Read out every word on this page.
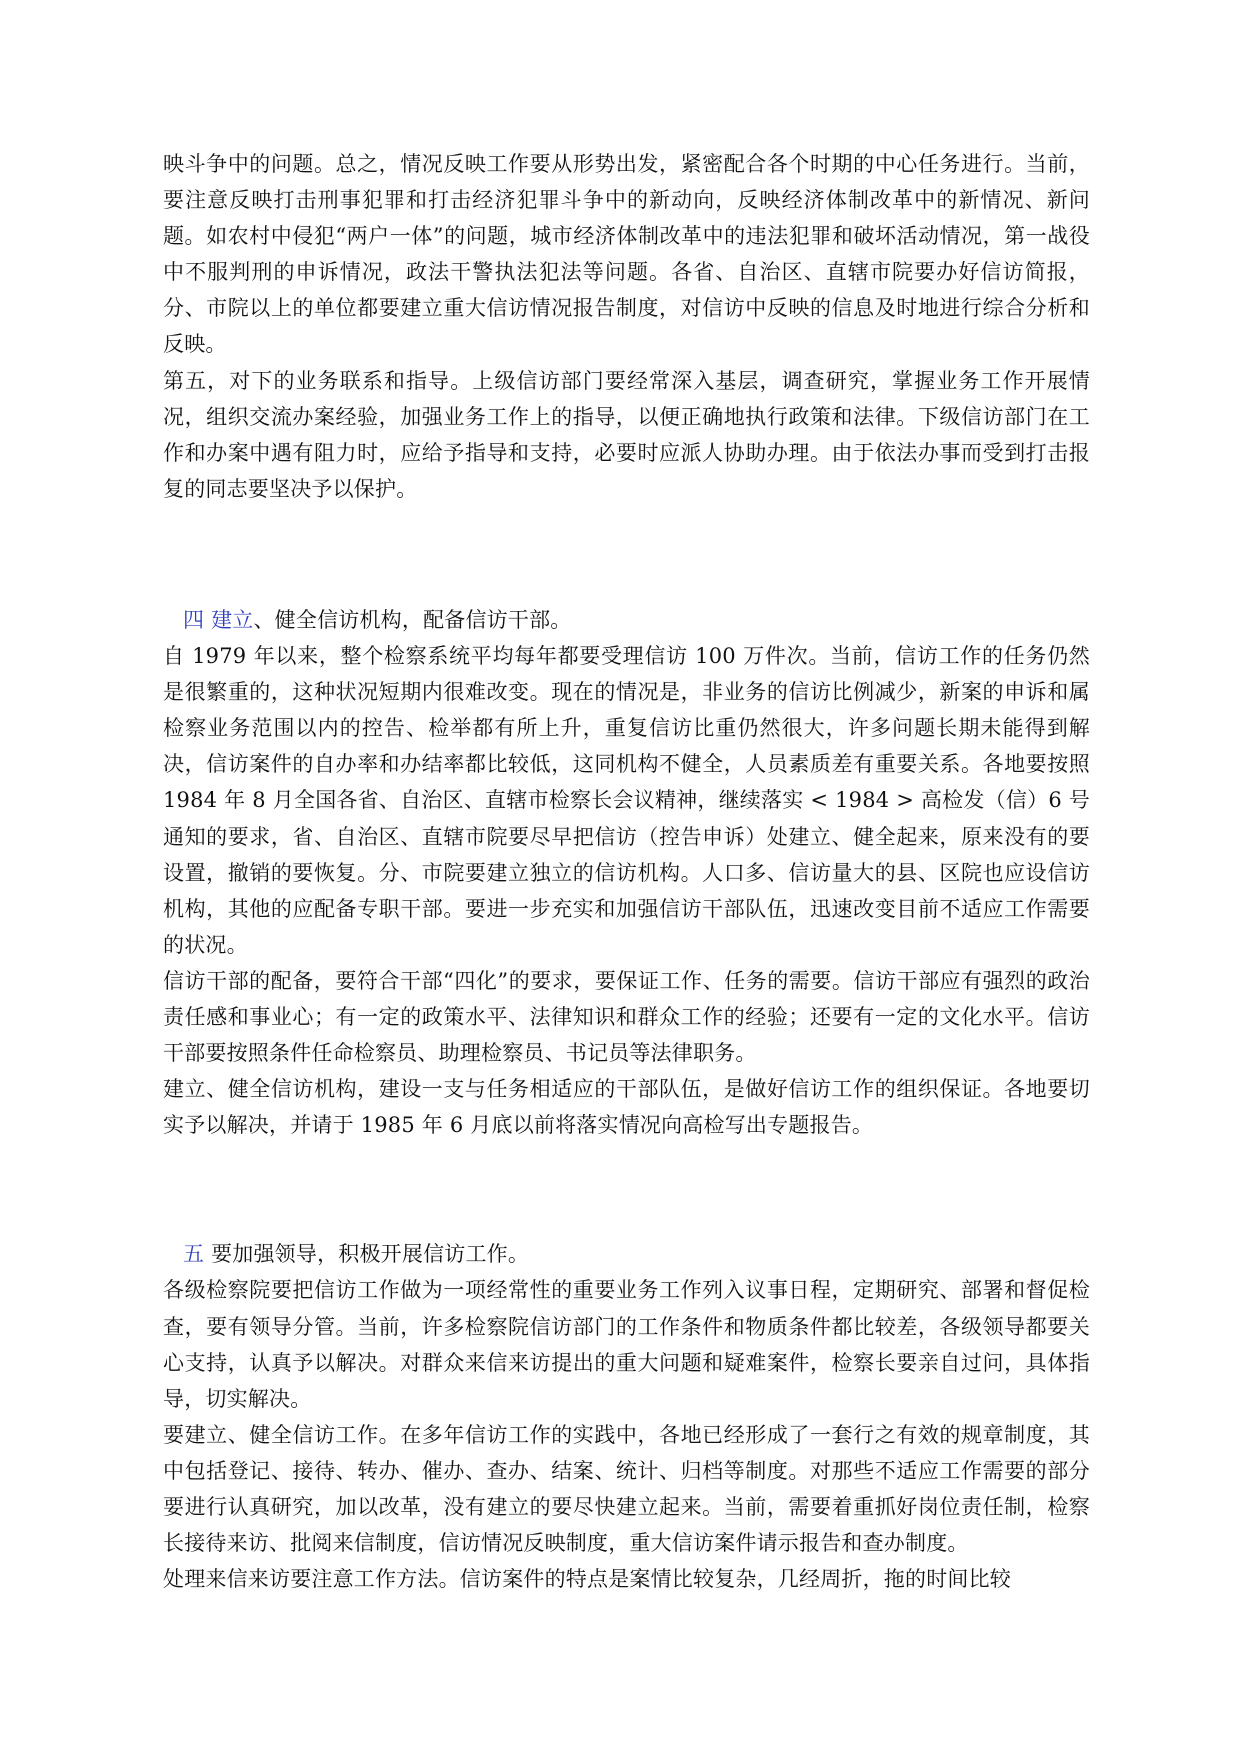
映斗争中的问题。总之，情况反映工作要从形势出发，紧密配合各个时期的中心任务进行。当前，要注意反映打击刑事犯罪和打击经济犯罪斗争中的新动向，反映经济体制改革中的新情况、新问题。如农村中侵犯“两户一体”的问题，城市经济体制改革中的违法犯罪和破坏活动情况，第一战役中不服判刑的申诉情况，政法干警执法犯法等问题。各省、自治区、直辖市院要办好信访简报，分、市院以上的单位都要建立重大信访情况报告制度，对信访中反映的信息及时地进行综合分析和反映。

第五，对下的业务联系和指导。上级信访部门要经常深入基层，调查研究，掌握业务工作开展情况，组织交流办案经验，加强业务工作上的指导，以便正确地执行政策和法律。下级信访部门在工作和办案中遇有阻力时，应给予指导和支持，必要时应派人协助办理。由于依法办事而受到打击报复的同志要坚决予以保护。

四 建立、健全信访机构，配备信访干部。

自 1979 年以来，整个检察系统平均每年都要受理信访 100 万件次。当前，信访工作的任务仍然是很繁重的，这种状况短期内很难改变。现在的情况是，非业务的信访比例减少，新案的申诉和属检察业务范围以内的控告、检举都有所上升，重复信访比重仍然很大，许多问题长期未能得到解决，信访案件的自办率和办结率都比较低，这同机构不健全，人员素质差有重要关系。各地要按照 1984 年 8 月全国各省、自治区、直辖市检察长会议精神，继续落实 < 1984 > 高检发（信）6 号通知的要求，省、自治区、直辖市院要尽早把信访（控告申诉）处建立、健全起来，原来没有的要设置，撤销的要恢复。分、市院要建立独立的信访机构。人口多、信访量大的县、区院也应设信访机构，其他的应配备专职干部。要进一步充实和加强信访干部队伍，迅速改变目前不适应工作需要的状况。

信访干部的配备，要符合干部“四化”的要求，要保证工作、任务的需要。信访干部应有强烈的政治责任感和事业心；有一定的政策水平、法律知识和群众工作的经验；还要有一定的文化水平。信访干部要按照条件任命检察员、助理检察员、书记员等法律职务。

建立、健全信访机构，建设一支与任务相适应的干部队伍，是做好信访工作的组织保证。各地要切实予以解决，并请于 1985 年 6 月底以前将落实情况向高检写出专题报告。

五 要加强领导，积极开展信访工作。

各级检察院要把信访工作做为一项经常性的重要业务工作列入议事日程，定期研究、部署和督促检查，要有领导分管。当前，许多检察院信访部门的工作条件和物质条件都比较差，各级领导都要关心支持，认真予以解决。对群众来信来访提出的重大问题和疑难案件，检察长要亲自过问，具体指导，切实解决。

要建立、健全信访工作。在多年信访工作的实践中，各地已经形成了一套行之有效的规章制度，其中包括登记、接待、转办、催办、查办、结案、统计、归档等制度。对那些不适应工作需要的部分要进行认真研究，加以改革，没有建立的要尽快建立起来。当前，需要着重抓好岗位责任制，检察长接待来访、批阅来信制度，信访情况反映制度，重大信访案件请示报告和查办制度。

处理来信来访要注意工作方法。信访案件的特点是案情比较复杂，几经周折，拖的时间比较
